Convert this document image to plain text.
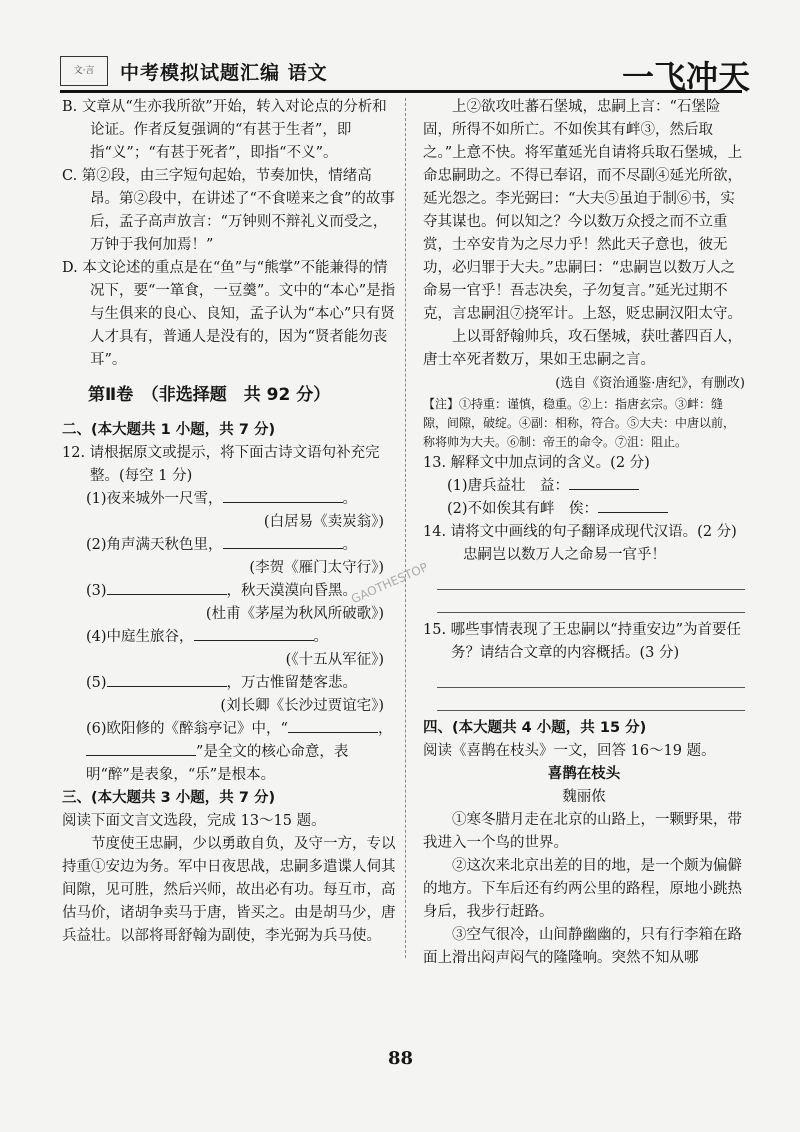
文·言	中考模拟试题汇编 语文	一飞冲天

B. 文章从“生亦我所欲”开始，转入对论点的分析和论证。作者反复强调的“有甚于生者”，即指“义”；“有甚于死者”，即指“不义”。

C. 第②段，由三字短句起始，节奏加快，情绪高昂。第②段中，在讲述了“不食嗟来之食”的故事后，孟子高声放言：“万钟则不辩礼义而受之，万钟于我何加焉！”

D. 本文论述的重点是在“鱼”与“熊掌”不能兼得的情况下，要“一箪食，一豆羹”。文中的“本心”是指与生俱来的良心、良知，孟子认为“本心”只有贤人才具有，普通人是没有的，因为“贤者能勿丧耳”。

第Ⅱ卷　（非选择题　共 92 分）

二、(本大题共 1 小题，共 7 分)

12. 请根据原文或提示，将下面古诗文语句补充完整。(每空 1 分)

(1)夜来城外一尺雪，	。

(白居易《卖炭翁》)

(2)角声满天秋色里，	。

(李贺《雁门太守行》)

(3)	，秋天漠漠向昏黑。

(杜甫《茅屋为秋风所破歌》)

(4)中庭生旅谷，	。

(《十五从军征》)

(5)	，万古惟留楚客悲。

(刘长卿《长沙过贾谊宅》)

(6)欧阳修的《醉翁亭记》中，“	，”是全文的核心命意，表明“醉”是表象，“乐”是根本。

三、(本大题共 3 小题，共 7 分)

阅读下面文言文选段，完成 13～15 题。

节度使王忠嗣，少以勇敢自负，及守一方，专以持重①安边为务。军中日夜思战，忠嗣多遣谍人伺其间隙，见可胜，然后兴师，故出必有功。每互市，高估马价，诸胡争卖马于唐，皆买之。由是胡马少，唐兵益壮。以部将哥舒翰为副使，李光弼为兵马使。

上②欲攻吐蕃石堡城，忠嗣上言：“石堡险固，所得不如所亡。不如俟其有衅③，然后取之。”上意不快。将军董延光自请将兵取石堡城，上命忠嗣助之。不得已奉诏，而不尽副④延光所欲，延光怨之。李光弼曰：“大夫⑤虽迫于制⑥书，实夺其谋也。何以知之？今以数万众授之而不立重赏，士卒安肯为之尽力乎！然此天子意也，彼无功，必归罪于大夫。”忠嗣曰：“忠嗣岂以数万人之命易一官乎！吾志决矣，子勿复言。”延光过期不克，言忠嗣沮⑦挠军计。上怒，贬忠嗣汉阳太守。

上以哥舒翰帅兵，攻石堡城，获吐蕃四百人，唐士卒死者数万，果如王忠嗣之言。

(选自《资治通鉴·唐纪》，有删改)

【注】①持重：谨慎，稳重。②上：指唐玄宗。③衅：缝隙，间隙，破绽。④副：相称，符合。⑤大夫：中唐以前，称将帅为大夫。⑥制：帝王的命令。⑦沮：阻止。

13. 解释文中加点词的含义。(2 分)

(1)唐兵益壮　 益：

(2)不如俟其有衅　 俟：

14. 请将文中画线的句子翻译成现代汉语。(2 分)

忠嗣岂以数万人之命易一官乎！

15. 哪些事情表现了王忠嗣以“持重安边”为首要任务？请结合文章的内容概括。(3 分)

四、(本大题共 4 小题，共 15 分)

阅读《喜鹊在枝头》一文，回答 16～19 题。

喜鹊在枝头

魏丽侬

①寒冬腊月走在北京的山路上，一颗野果，带我进入一个鸟的世界。

②这次来北京出差的目的地，是一个颇为偏僻的地方。下车后还有约两公里的路程，原地小跳热身后，我步行赶路。

③空气很冷，山间静幽幽的，只有行李箱在路面上滑出闷声闷气的隆隆响。突然不知从哪

GAOTHESTOP
88
